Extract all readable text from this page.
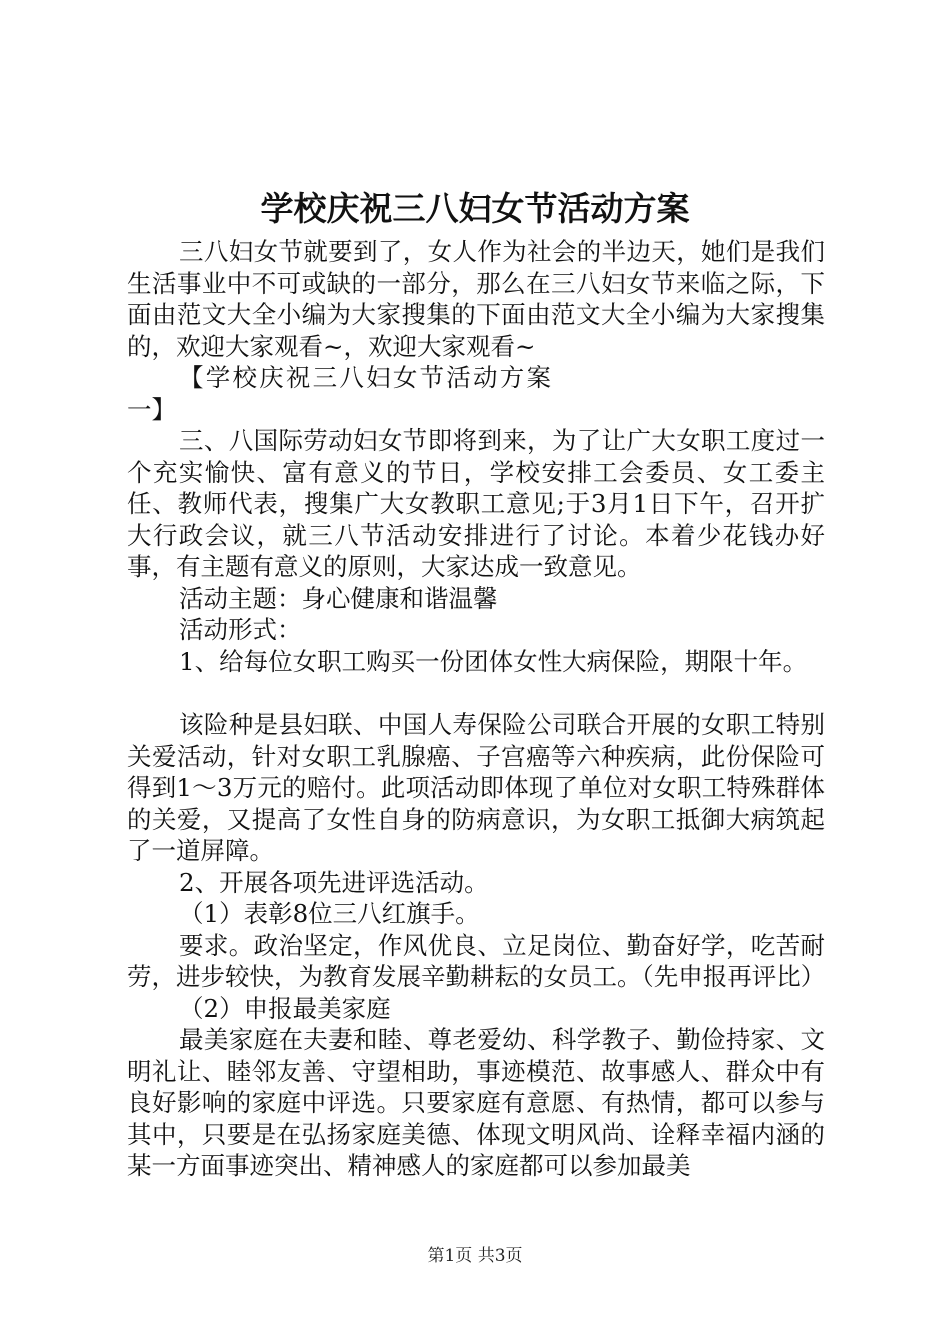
学校庆祝三八妇女节活动方案

三八妇女节就要到了，女人作为社会的半边天，她们是我们生活事业中不可或缺的一部分，那么在三八妇女节来临之际，下面由范文大全小编为大家搜集的下面由范文大全小编为大家搜集的，欢迎大家观看~，欢迎大家观看~

【学校庆祝三八妇女节活动方案一】

三、八国际劳动妇女节即将到来，为了让广大女职工度过一个充实愉快、富有意义的节日，学校安排工会委员、女工委主任、教师代表，搜集广大女教职工意见;于3月1日下午，召开扩大行政会议，就三八节活动安排进行了讨论。本着少花钱办好事，有主题有意义的原则，大家达成一致意见。

活动主题：身心健康和谐温馨

活动形式：

1、给每位女职工购买一份团体女性大病保险，期限十年。

该险种是县妇联、中国人寿保险公司联合开展的女职工特别关爱活动，针对女职工乳腺癌、子宫癌等六种疾病，此份保险可得到1～3万元的赔付。此项活动即体现了单位对女职工特殊群体的关爱，又提高了女性自身的防病意识，为女职工抵御大病筑起了一道屏障。

2、开展各项先进评选活动。

（1）表彰8位三八红旗手。

要求。政治坚定，作风优良、立足岗位、勤奋好学，吃苦耐劳，进步较快，为教育发展辛勤耕耘的女员工。（先申报再评比）

（2）申报最美家庭

最美家庭在夫妻和睦、尊老爱幼、科学教子、勤俭持家、文明礼让、睦邻友善、守望相助，事迹模范、故事感人、群众中有良好影响的家庭中评选。只要家庭有意愿、有热情，都可以参与其中，只要是在弘扬家庭美德、体现文明风尚、诠释幸福内涵的某一方面事迹突出、精神感人的家庭都可以参加最美

第1页 共3页
